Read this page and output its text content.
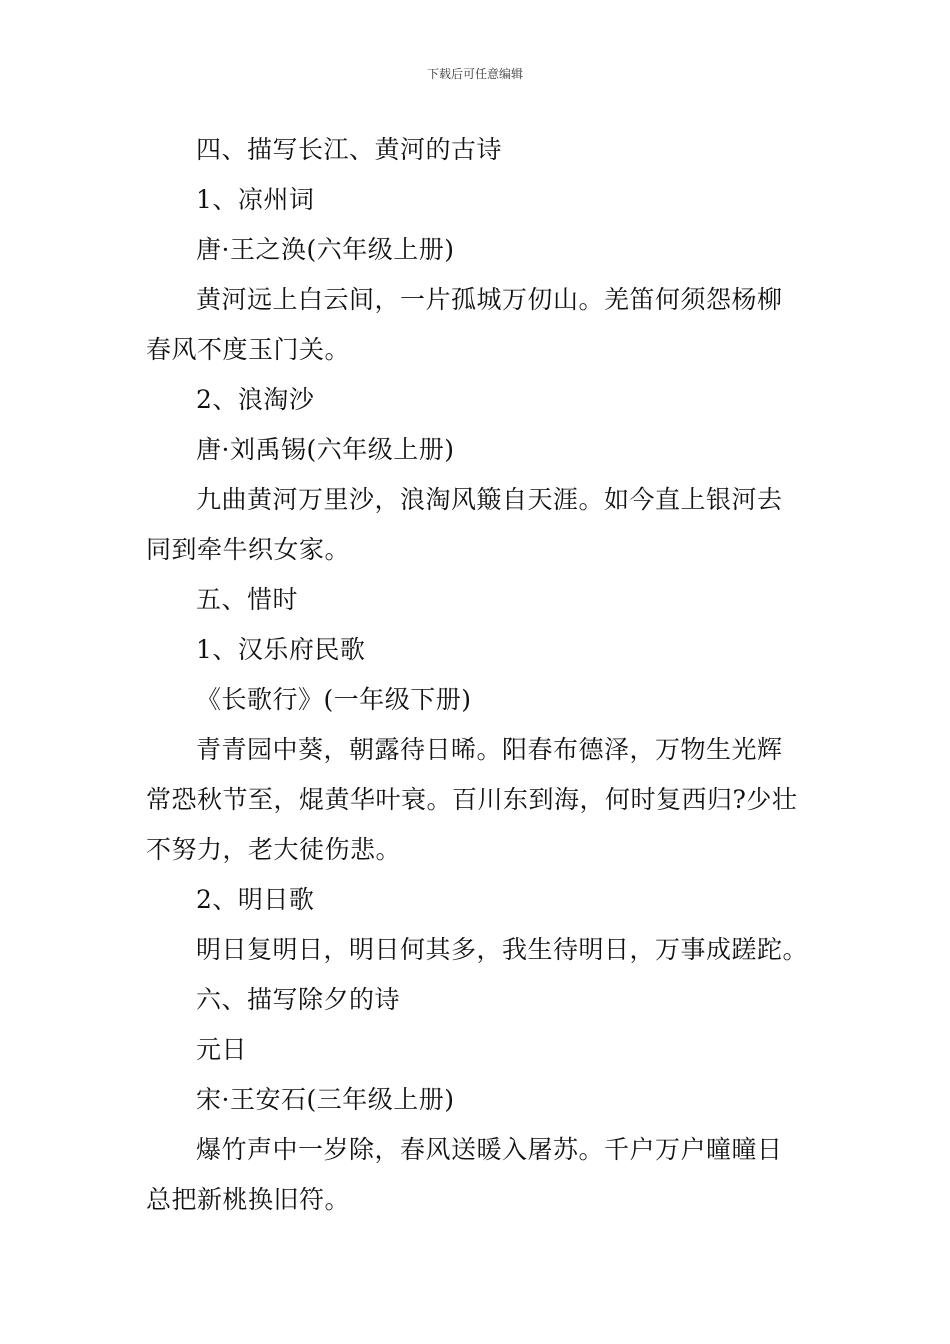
下载后可任意编辑
四、描写长江、黄河的古诗
1、凉州词
唐·王之涣(六年级上册)
黄河远上白云间，一片孤城万仞山。羌笛何须怨杨柳
春风不度玉门关。
2、浪淘沙
唐·刘禹锡(六年级上册)
九曲黄河万里沙，浪淘风簸自天涯。如今直上银河去
同到牵牛织女家。
五、惜时
1、汉乐府民歌
《长歌行》(一年级下册)
青青园中葵，朝露待日晞。阳春布德泽，万物生光辉
常恐秋节至，焜黄华叶衰。百川东到海，何时复西归?少壮
不努力，老大徒伤悲。
2、明日歌
明日复明日，明日何其多，我生待明日，万事成蹉跎。
六、描写除夕的诗
元日
宋·王安石(三年级上册)
爆竹声中一岁除，春风送暖入屠苏。千户万户曈曈日
总把新桃换旧符。
